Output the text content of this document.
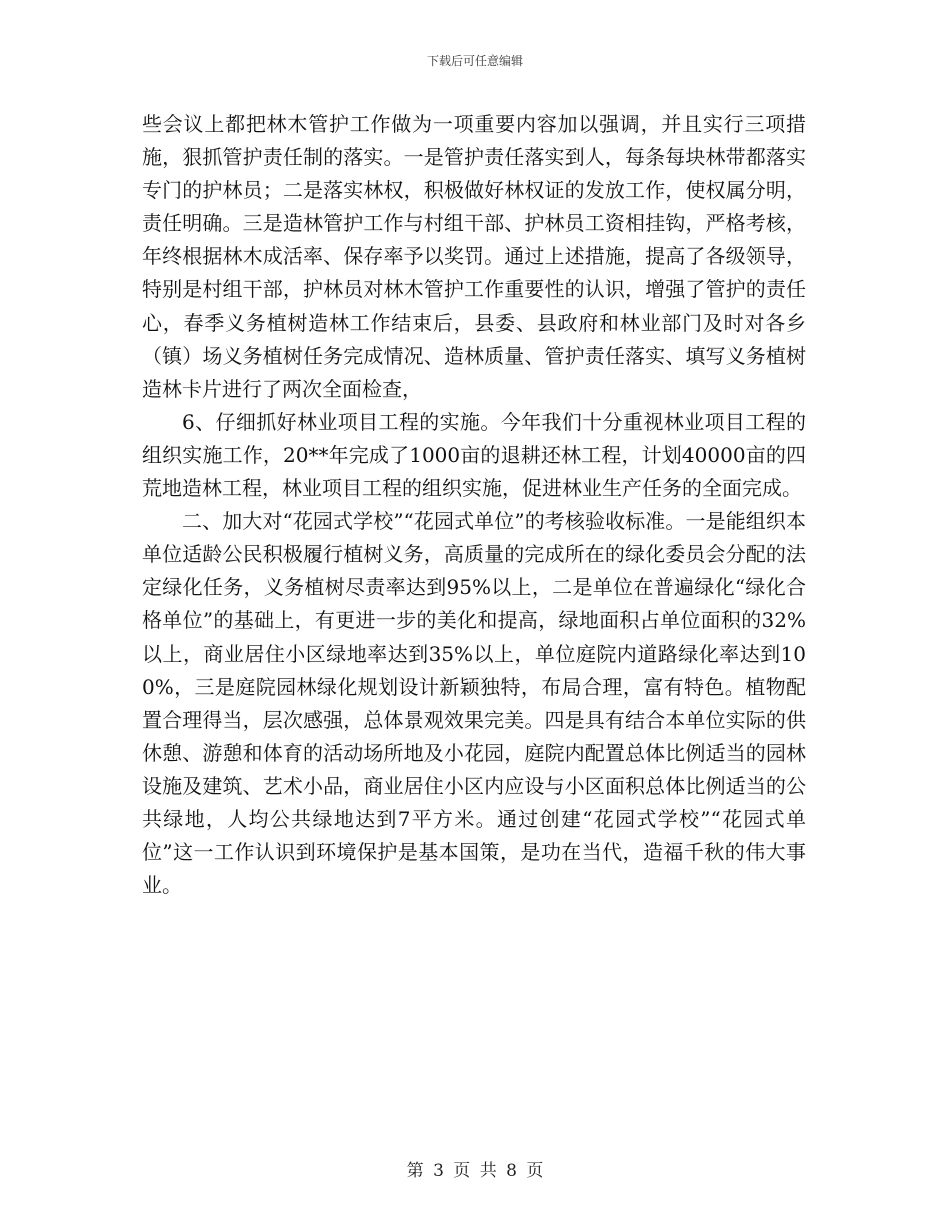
下载后可任意编辑

些会议上都把林木管护工作做为一项重要内容加以强调，并且实行三项措施，狠抓管护责任制的落实。一是管护责任落实到人，每条每块林带都落实专门的护林员；二是落实林权，积极做好林权证的发放工作，使权属分明，责任明确。三是造林管护工作与村组干部、护林员工资相挂钩，严格考核，年终根据林木成活率、保存率予以奖罚。通过上述措施，提高了各级领导，特别是村组干部，护林员对林木管护工作重要性的认识，增强了管护的责任心，春季义务植树造林工作结束后，县委、县政府和林业部门及时对各乡（镇）场义务植树任务完成情况、造林质量、管护责任落实、填写义务植树造林卡片进行了两次全面检查，

6、仔细抓好林业项目工程的实施。今年我们十分重视林业项目工程的组织实施工作，20**年完成了1000亩的退耕还林工程，计划40000亩的四荒地造林工程，林业项目工程的组织实施，促进林业生产任务的全面完成。

二、加大对“花园式学校”“花园式单位”的考核验收标准。一是能组织本单位适龄公民积极履行植树义务，高质量的完成所在的绿化委员会分配的法定绿化任务，义务植树尽责率达到95%以上，二是单位在普遍绿化“绿化合格单位”的基础上，有更进一步的美化和提高，绿地面积占单位面积的32%以上，商业居住小区绿地率达到35%以上，单位庭院内道路绿化率达到100%，三是庭院园林绿化规划设计新颖独特，布局合理，富有特色。植物配置合理得当，层次感强，总体景观效果完美。四是具有结合本单位实际的供休憩、游憩和体育的活动场所地及小花园，庭院内配置总体比例适当的园林设施及建筑、艺术小品，商业居住小区内应设与小区面积总体比例适当的公共绿地，人均公共绿地达到7平方米。通过创建“花园式学校”“花园式单位”这一工作认识到环境保护是基本国策，是功在当代，造福千秋的伟大事业。

第 3 页 共 8 页
